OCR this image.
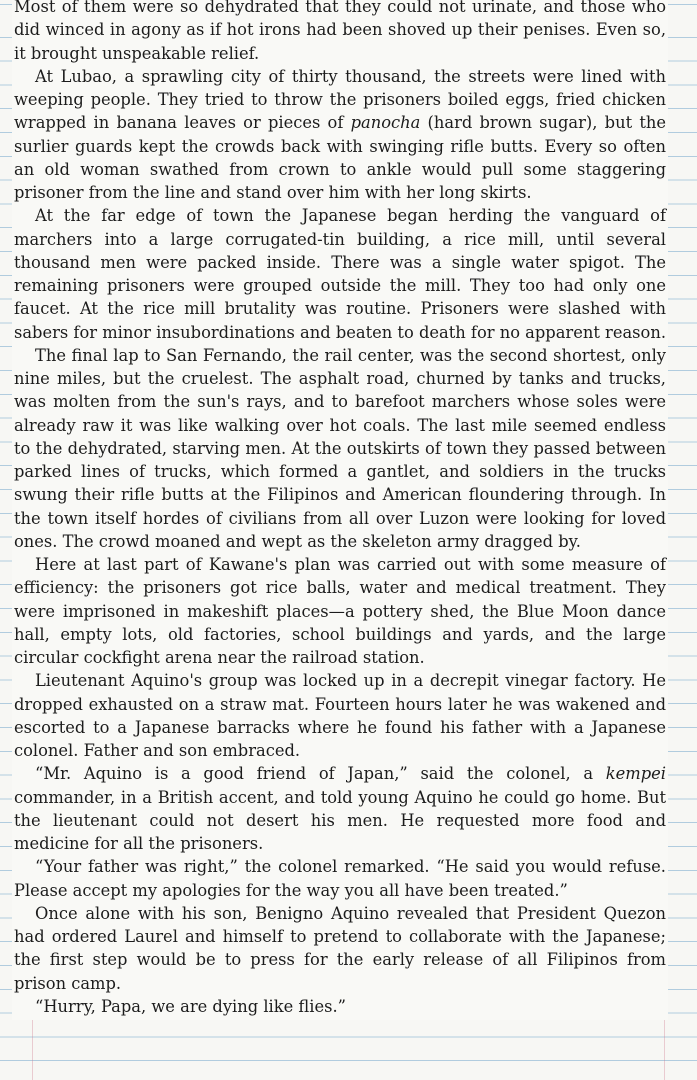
Most of them were so dehydrated that they could not urinate, and those who did winced in agony as if hot irons had been shoved up their penises. Even so, it brought unspeakable relief.

At Lubao, a sprawling city of thirty thousand, the streets were lined with weeping people. They tried to throw the prisoners boiled eggs, fried chicken wrapped in banana leaves or pieces of panocha (hard brown sugar), but the surlier guards kept the crowds back with swinging rifle butts. Every so often an old woman swathed from crown to ankle would pull some staggering prisoner from the line and stand over him with her long skirts.

At the far edge of town the Japanese began herding the vanguard of marchers into a large corrugated-tin building, a rice mill, until several thousand men were packed inside. There was a single water spigot. The remaining prisoners were grouped outside the mill. They too had only one faucet. At the rice mill brutality was routine. Prisoners were slashed with sabers for minor insubordinations and beaten to death for no apparent reason.

The final lap to San Fernando, the rail center, was the second shortest, only nine miles, but the cruelest. The asphalt road, churned by tanks and trucks, was molten from the sun's rays, and to barefoot marchers whose soles were already raw it was like walking over hot coals. The last mile seemed endless to the dehydrated, starving men. At the outskirts of town they passed between parked lines of trucks, which formed a gantlet, and soldiers in the trucks swung their rifle butts at the Filipinos and American floundering through. In the town itself hordes of civilians from all over Luzon were looking for loved ones. The crowd moaned and wept as the skeleton army dragged by.

Here at last part of Kawane's plan was carried out with some measure of efficiency: the prisoners got rice balls, water and medical treatment. They were imprisoned in makeshift places—a pottery shed, the Blue Moon dance hall, empty lots, old factories, school buildings and yards, and the large circular cockfight arena near the railroad station.

Lieutenant Aquino's group was locked up in a decrepit vinegar factory. He dropped exhausted on a straw mat. Fourteen hours later he was wakened and escorted to a Japanese barracks where he found his father with a Japanese colonel. Father and son embraced.

“Mr. Aquino is a good friend of Japan,” said the colonel, a kempei commander, in a British accent, and told young Aquino he could go home. But the lieutenant could not desert his men. He requested more food and medicine for all the prisoners.

“Your father was right,” the colonel remarked. “He said you would refuse. Please accept my apologies for the way you all have been treated.”

Once alone with his son, Benigno Aquino revealed that President Quezon had ordered Laurel and himself to pretend to collaborate with the Japanese; the first step would be to press for the early release of all Filipinos from prison camp.

“Hurry, Papa, we are dying like flies.”
